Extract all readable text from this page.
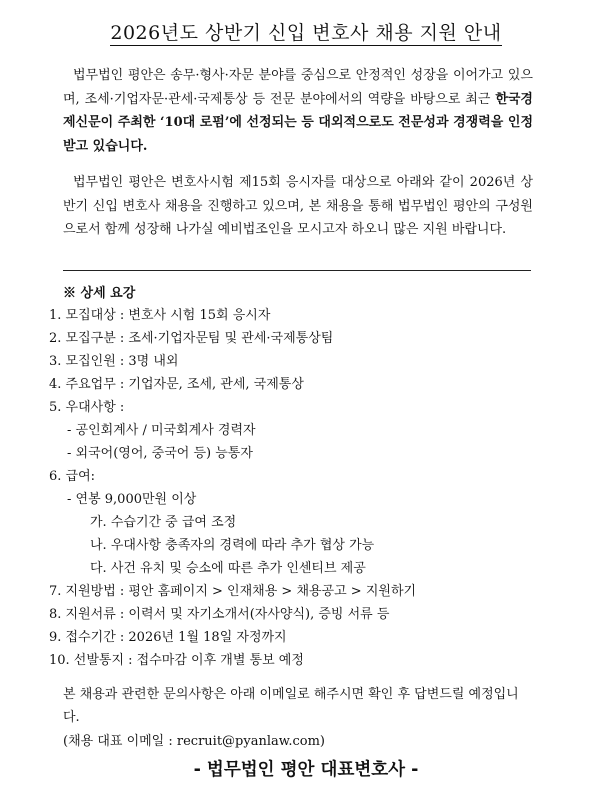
2026년도 상반기 신입 변호사 채용 지원 안내

법무법인 평안은 송무·형사·자문 분야를 중심으로 안정적인 성장을 이어가고 있으며, 조세·기업자문·관세·국제통상 등 전문 분야에서의 역량을 바탕으로 최근 한국경제신문이 주최한 ‘10대 로펌’에 선정되는 등 대외적으로도 전문성과 경쟁력을 인정받고 있습니다.

법무법인 평안은 변호사시험 제15회 응시자를 대상으로 아래와 같이 2026년 상반기 신입 변호사 채용을 진행하고 있으며, 본 채용을 통해 법무법인 평안의 구성원으로서 함께 성장해 나가실 예비법조인을 모시고자 하오니 많은 지원 바랍니다.

※ 상세 요강
1. 모집대상 : 변호사 시험 15회 응시자
2. 모집구분 : 조세·기업자문팀 및 관세·국제통상팀
3. 모집인원 : 3명 내외
4. 주요업무 : 기업자문, 조세, 관세, 국제통상
5. 우대사항 :
- 공인회계사 / 미국회계사 경력자
- 외국어(영어, 중국어 등) 능통자
6. 급여:
- 연봉 9,000만원 이상
가. 수습기간 중 급여 조정
나. 우대사항 충족자의 경력에 따라 추가 협상 가능
다. 사건 유치 및 승소에 따른 추가 인센티브 제공
7. 지원방법 : 평안 홈페이지 > 인재채용 > 채용공고 > 지원하기
8. 지원서류 : 이력서 및 자기소개서(자사양식), 증빙 서류 등
9. 접수기간 : 2026년 1월 18일 자정까지
10. 선발통지 : 접수마감 이후 개별 통보 예정

본 채용과 관련한 문의사항은 아래 이메일로 해주시면 확인 후 답변드릴 예정입니다.

(채용 대표 이메일 : recruit@pyanlaw.com)
- 법무법인 평안 대표변호사 -
